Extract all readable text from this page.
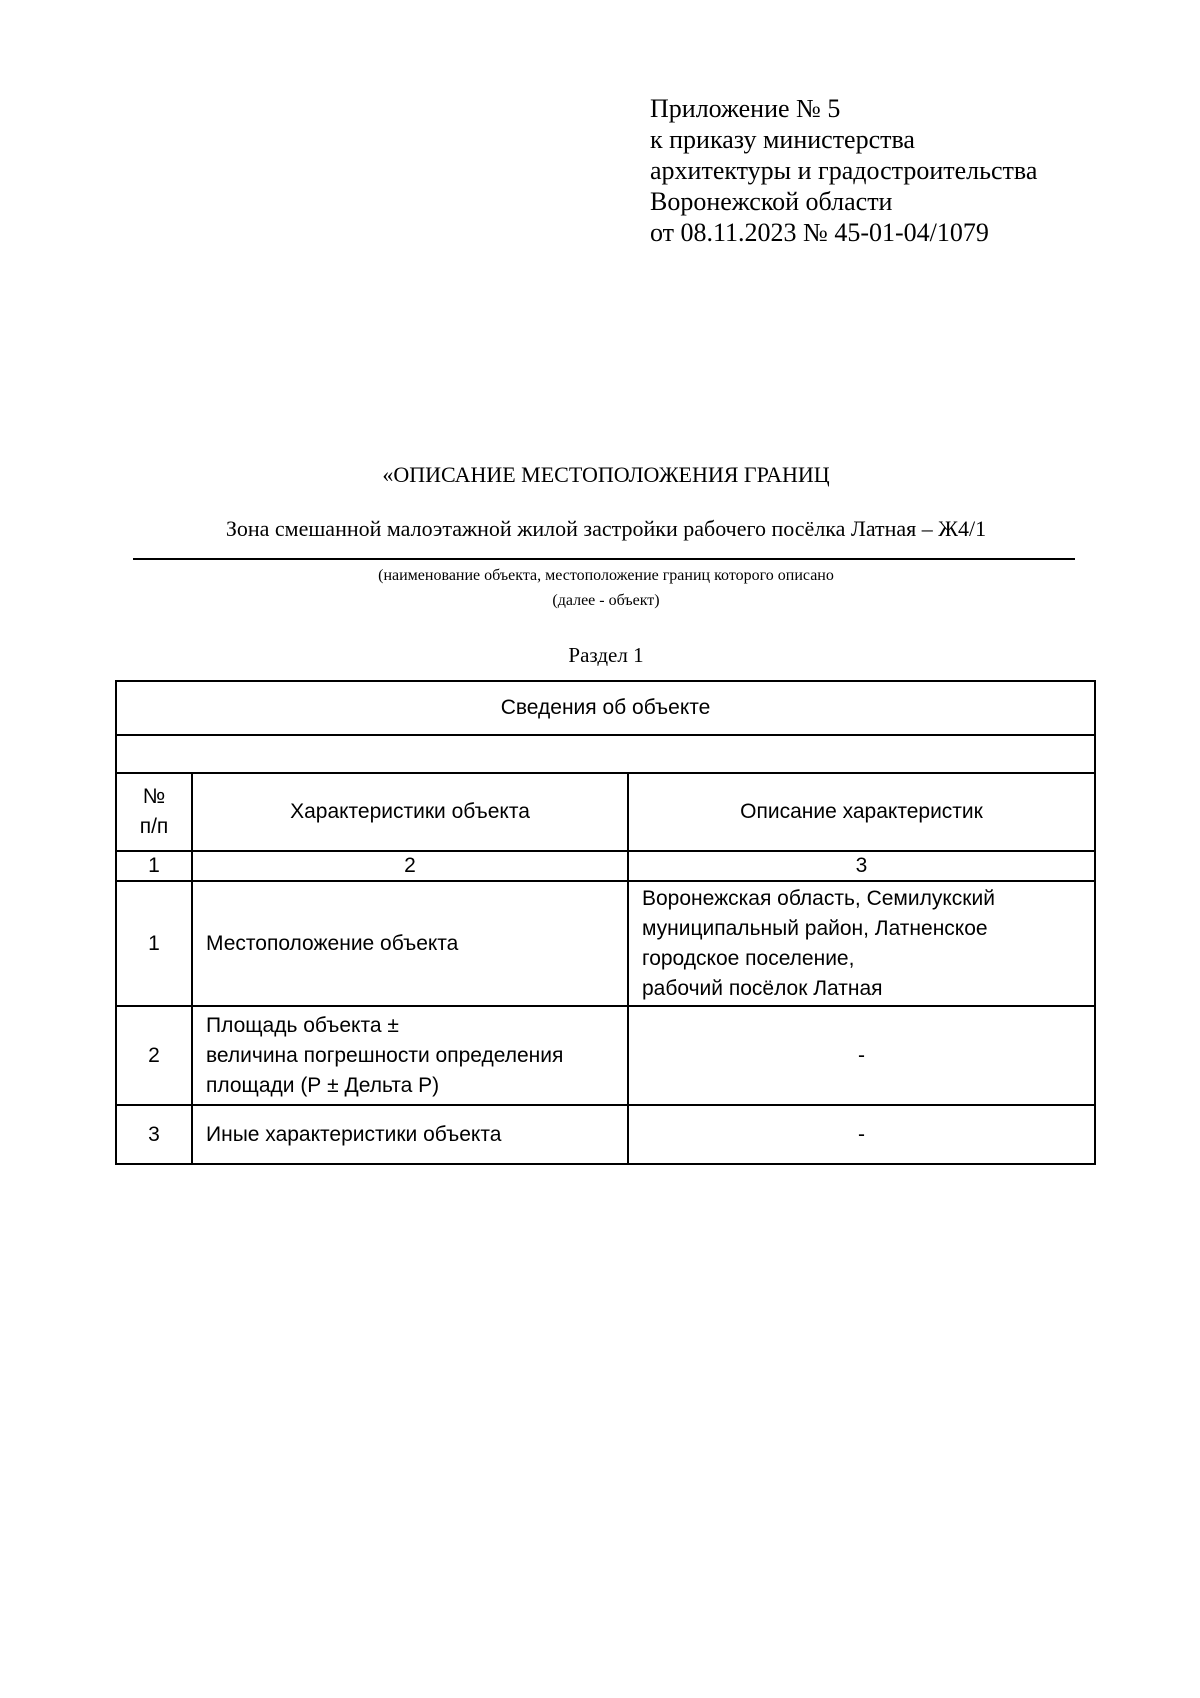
Приложение № 5
к приказу министерства
архитектуры и градостроительства
Воронежской области
от 08.11.2023 № 45-01-04/1079
«ОПИСАНИЕ МЕСТОПОЛОЖЕНИЯ ГРАНИЦ
Зона смешанной малоэтажной жилой застройки рабочего посёлка Латная – Ж4/1
(наименование объекта, местоположение границ которого описано
(далее - объект)
Раздел 1
Сведения об объекте		

№
п/п	Характеристики объекта	Описание характеристик
1	2	3
1	Местоположение объекта	Воронежская область, Семилукский
муниципальный район, Латненское
городское поселение,
рабочий посёлок Латная

2	Площадь объекта ±
величина погрешности определения
площади (Р ± Дельта Р)	-
3	Иные характеристики объекта	-
